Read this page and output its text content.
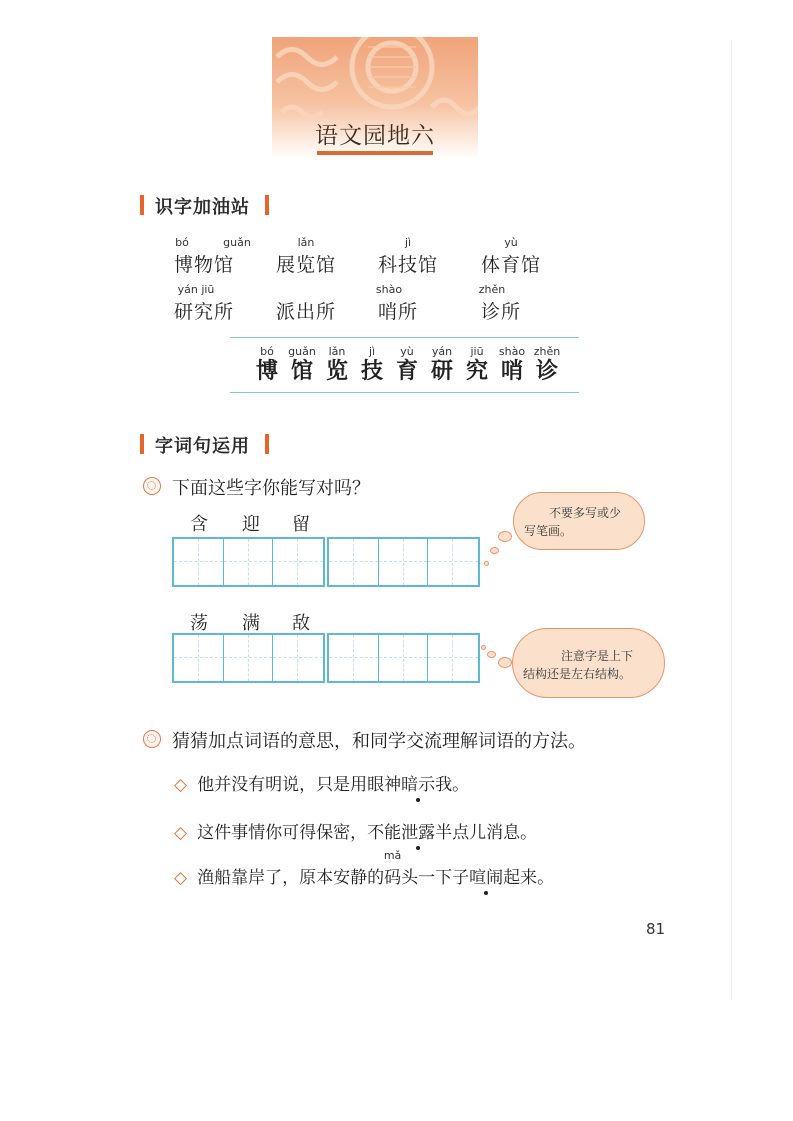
语文园地六
识字加油站
bó	guǎn
博物馆
lǎn
展览馆
jì
科技馆
yù
体育馆
yán jiū
研究所 派出所
shào
哨所
zhěn
诊所
bó
博
guǎn
馆
lǎn
览
jì
技
yù
育
yán
研
jiū
究
shào
哨
zhěn
诊
字词句运用
下面这些字你能写对吗？
含 迎 留
不要多写或少
写笔画。
荡 满 敌
注意字是上下
结构还是左右结构。
猜猜加点词语的意思，和同学交流理解词语的方法。
◇ 他并没有明说，只是用眼神暗示我。
◇ 这件事情你可得保密，不能泄露半点儿消息。
◇ 渔船靠岸了，原本安静的
mǎ
码头一下子喧闹起来。
81
